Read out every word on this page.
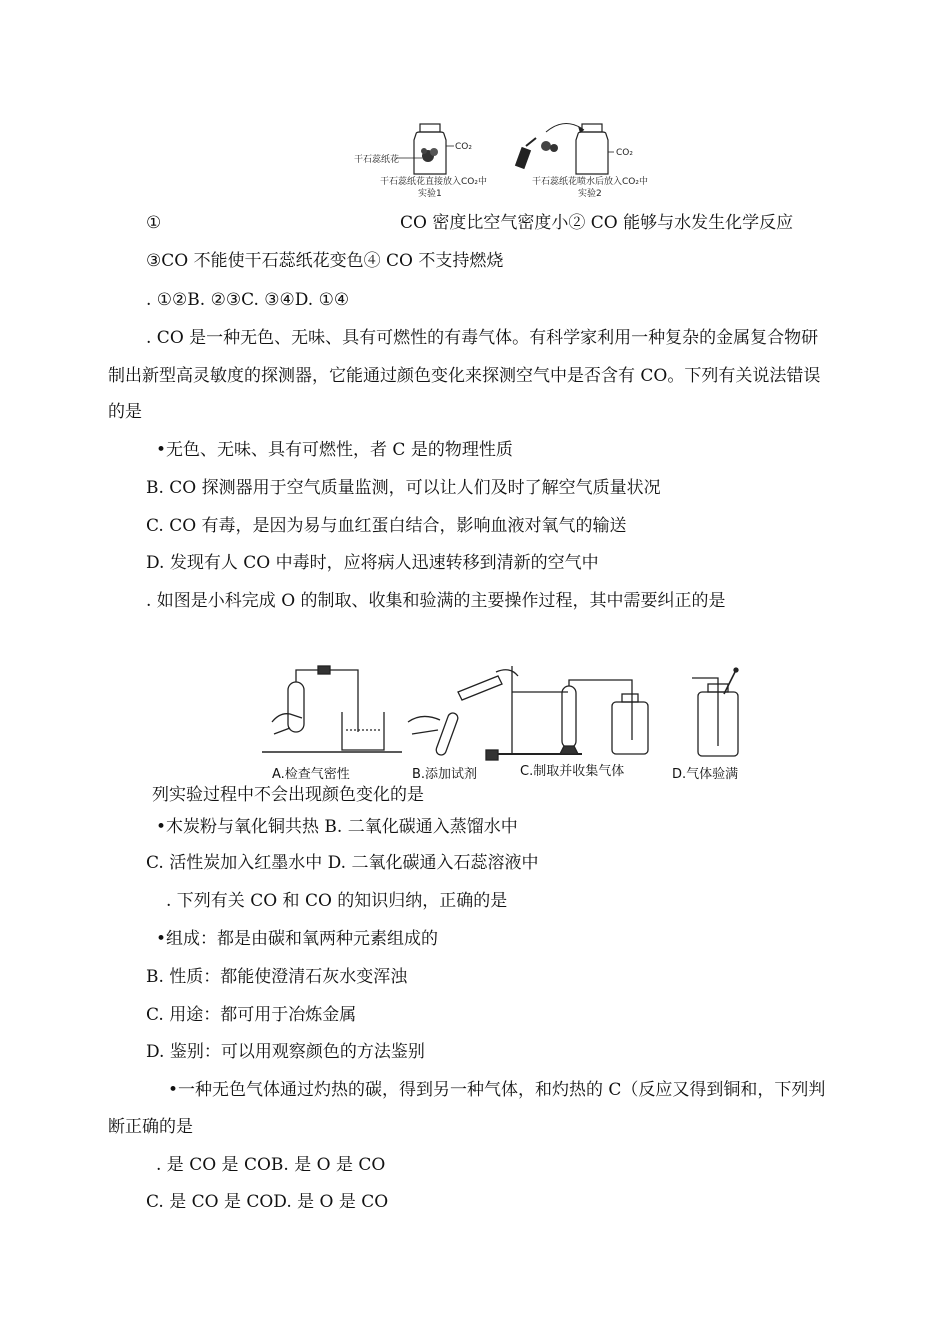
干石蕊纸花
CO₂
干石蕊纸花直接放入CO₂中
实验1
CO₂
干石蕊纸花喷水后放入CO₂中
实验2
①	CO 密度比空气密度小② CO 能够与水发生化学反应
③CO 不能使干石蕊纸花变色④ CO 不支持燃烧
. ①②B. ②③C. ③④D. ①④
. CO 是一种无色、无味、具有可燃性的有毒气体。有科学家利用一种复杂的金属复合物研
制出新型高灵敏度的探测器，它能通过颜色变化来探测空气中是否含有 CO。下列有关说法错误
的是
•无色、无味、具有可燃性，者 C 是的物理性质
B. CO 探测器用于空气质量监测，可以让人们及时了解空气质量状况
C. CO 有毒，是因为易与血红蛋白结合，影响血液对氧气的输送
D. 发现有人 CO 中毒时，应将病人迅速转移到清新的空气中
. 如图是小科完成 O 的制取、收集和验满的主要操作过程，其中需要纠正的是
A.检查气密性	B.添加试剂	C.制取并收集气体	D.气体验满
列实验过程中不会出现颜色变化的是
•木炭粉与氧化铜共热 B. 二氧化碳通入蒸馏水中
C. 活性炭加入红墨水中 D. 二氧化碳通入石蕊溶液中
. 下列有关 CO 和 CO 的知识归纳，正确的是
•组成：都是由碳和氧两种元素组成的
B. 性质：都能使澄清石灰水变浑浊
C. 用途：都可用于冶炼金属
D. 鉴别：可以用观察颜色的方法鉴别
•一种无色气体通过灼热的碳，得到另一种气体，和灼热的 C（反应又得到铜和，下列判
断正确的是
. 是 CO 是 COB. 是 O 是 CO
C. 是 CO 是 COD. 是 O 是 CO
